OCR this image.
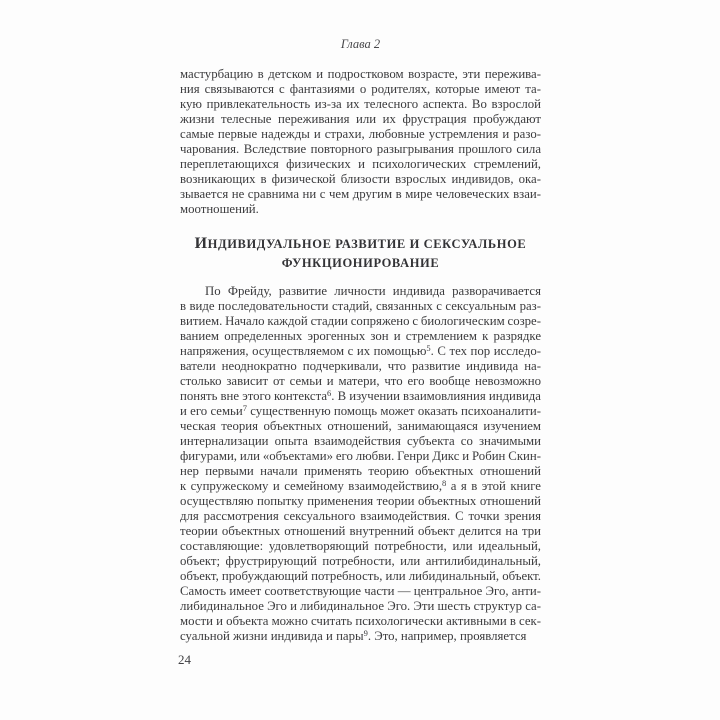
Глава 2
мастурбацию в детском и подростковом возрасте, эти пережива-
ния связываются с фантазиями о родителях, которые имеют та-
кую привлекательность из-за их телесного аспекта. Во взрослой
жизни телесные переживания или их фрустрация пробуждают
самые первые надежды и страхи, любовные устремления и разо-
чарования. Вследствие повторного разыгрывания прошлого сила
переплетающихся физических и психологических стремлений,
возникающих в физической близости взрослых индивидов, ока-
зывается не сравнима ни с чем другим в мире человеческих взаи-
моотношений.
ИНДИВИДУАЛЬНОЕ РАЗВИТИЕ И СЕКСУАЛЬНОЕ
ФУНКЦИОНИРОВАНИЕ
По Фрейду, развитие личности индивида разворачивается
в виде последовательности стадий, связанных с сексуальным раз-
витием. Начало каждой стадии сопряжено с биологическим созре-
ванием определенных эрогенных зон и стремлением к разрядке
напряжения, осуществляемом с их помощью$^5$. С тех пор исследо-
ватели неоднократно подчеркивали, что развитие индивида на-
столько зависит от семьи и матери, что его вообще невозможно
понять вне этого контекста$^6$. В изучении взаимовлияния индивида
и его семьи$^7$ существенную помощь может оказать психоаналити-
ческая теория объектных отношений, занимающаяся изучением
интернализации опыта взаимодействия субъекта со значимыми
фигурами, или «объектами» его любви. Генри Дикс и Робин Скин-
нер первыми начали применять теорию объектных отношений
к супружескому и семейному взаимодействию,$^8$ а я в этой книге
осуществляю попытку применения теории объектных отношений
для рассмотрения сексуального взаимодействия. С точки зрения
теории объектных отношений внутренний объект делится на три
составляющие: удовлетворяющий потребности, или идеальный,
объект; фрустрирующий потребности, или антилибидинальный,
объект, пробуждающий потребность, или либидинальный, объект.
Самость имеет соответствующие части — центральное Эго, анти-
либидинальное Эго и либидинальное Эго. Эти шесть структур са-
мости и объекта можно считать психологически активными в сек-
суальной жизни индивида и пары$^9$. Это, например, проявляется
24
